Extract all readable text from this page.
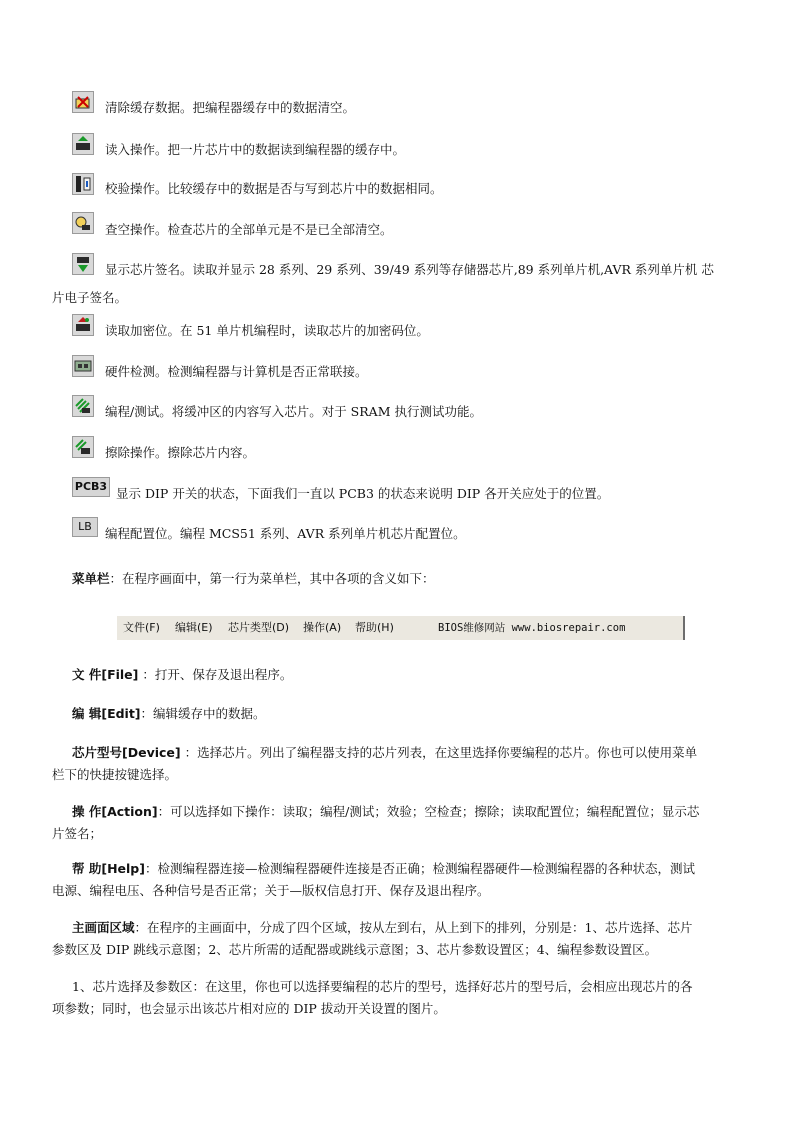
清除缓存数据。把编程器缓存中的数据清空。
读入操作。把一片芯片中的数据读到编程器的缓存中。
校验操作。比较缓存中的数据是否与写到芯片中的数据相同。
查空操作。检查芯片的全部单元是不是已全部清空。
显示芯片签名。读取并显示 28 系列、29 系列、39/49 系列等存储器芯片,89 系列单片机,AVR 系列单片机 芯
片电子签名。
读取加密位。在 51 单片机编程时，读取芯片的加密码位。
硬件检测。检测编程器与计算机是否正常联接。
编程/测试。将缓冲区的内容写入芯片。对于 SRAM 执行测试功能。
擦除操作。擦除芯片内容。
PCB3 显示 DIP 开关的状态，下面我们一直以 PCB3 的状态来说明 DIP 各开关应处于的位置。
LB	编程配置位。编程 MCS51 系列、AVR 系列单片机芯片配置位。
菜单栏：在程序画面中，第一行为菜单栏，其中各项的含义如下：
文件(F) 编辑(E) 芯片类型(D) 操作(A) 帮助(H)	BIOS维修网站 www.biosrepair.com
文 件[File] ：打开、保存及退出程序。
编 辑[Edit]：编辑缓存中的数据。
芯片型号[Device] ：选择芯片。列出了编程器支持的芯片列表，在这里选择你要编程的芯片。你也可以使用菜单
栏下的快捷按键选择。
操 作[Action]：可以选择如下操作：读取；编程/测试；效验；空检查；擦除；读取配置位；编程配置位；显示芯
片签名；
帮 助[Help]：检测编程器连接—检测编程器硬件连接是否正确；检测编程器硬件—检测编程器的各种状态，测试
电源、编程电压、各种信号是否正常；关于—版权信息打开、保存及退出程序。
主画面区域：在程序的主画面中，分成了四个区域，按从左到右，从上到下的排列，分别是：1、芯片选择、芯片
参数区及 DIP 跳线示意图；2、芯片所需的适配器或跳线示意图；3、芯片参数设置区；4、编程参数设置区。
1、芯片选择及参数区：在这里，你也可以选择要编程的芯片的型号，选择好芯片的型号后，会相应出现芯片的各
项参数；同时，也会显示出该芯片相对应的 DIP 拔动开关设置的图片。
